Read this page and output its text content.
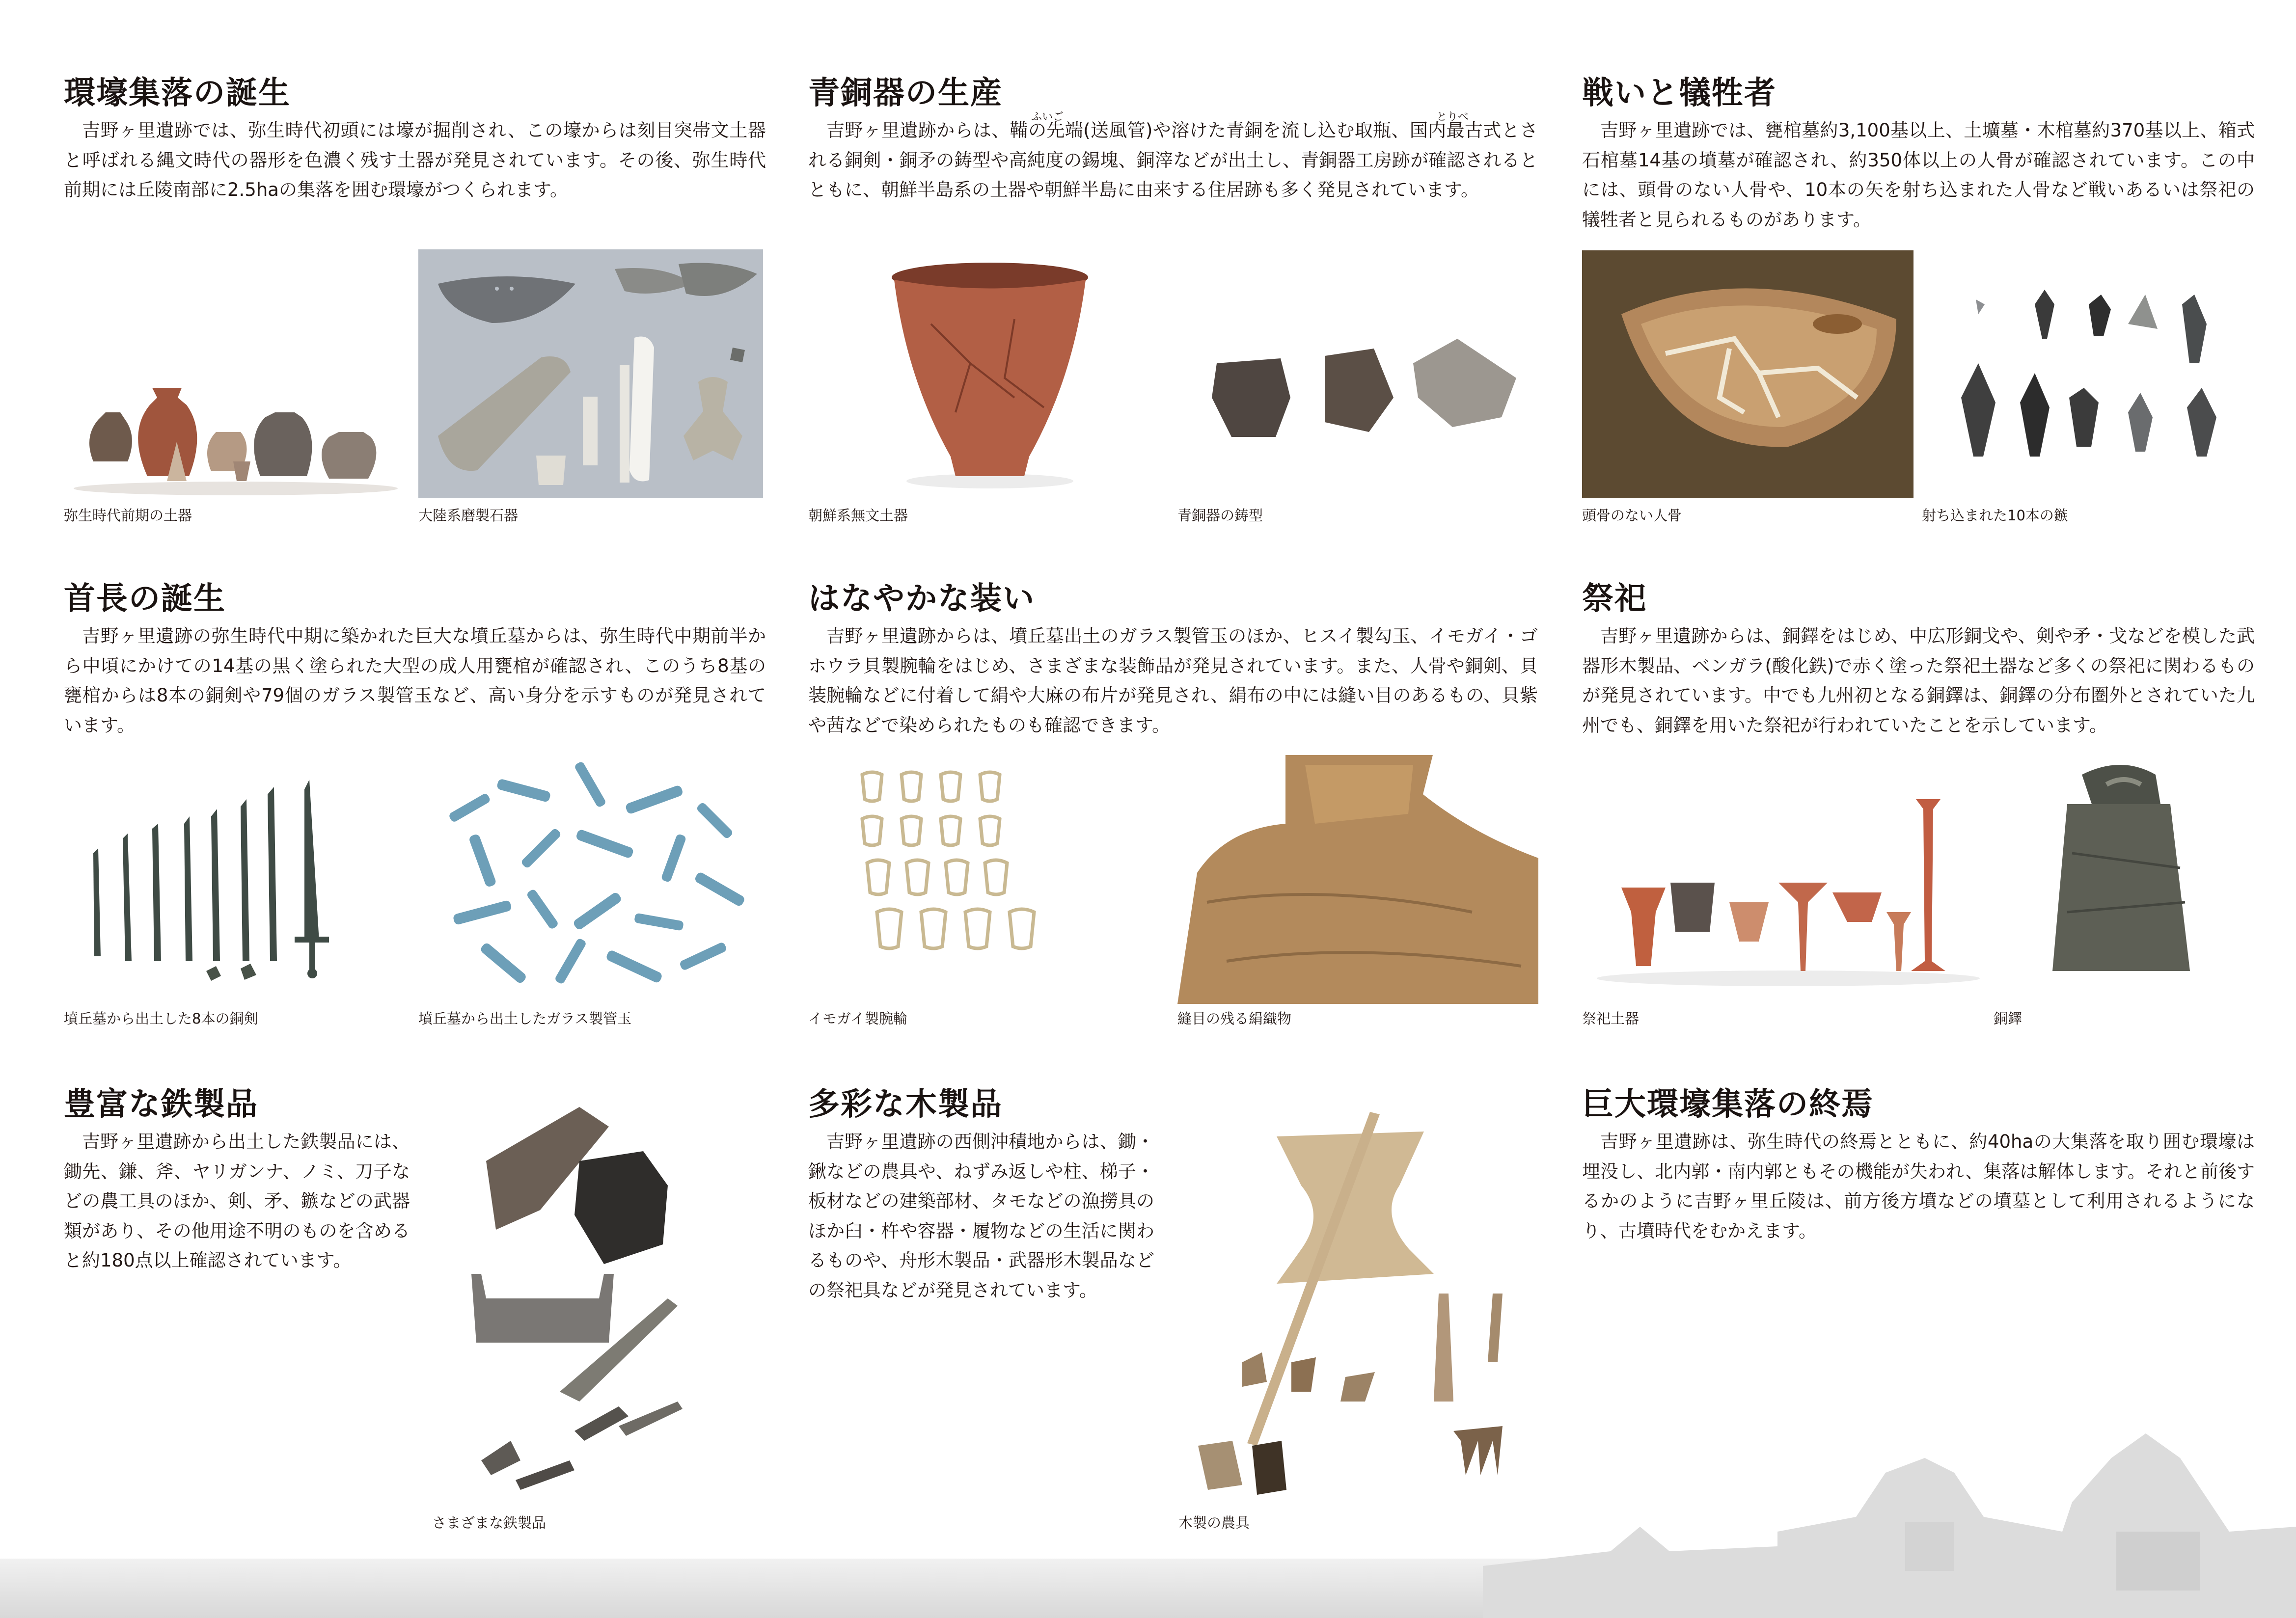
環壕集落の誕生

吉野ヶ里遺跡では、弥生時代初頭には壕が掘削され、この壕からは刻目突帯文土器と呼ばれる縄文時代の器形を色濃く残す土器が発見されています。その後、弥生時代前期には丘陵南部に2.5haの集落を囲む環壕がつくられます。

弥生時代前期の土器	大陸系磨製石器
青銅器の生産
ふいご	とりべ

吉野ヶ里遺跡からは、鞴の先端(送風管)や溶けた青銅を流し込む取瓶、国内最古式とされる銅剣・銅矛の鋳型や高純度の錫塊、銅滓などが出土し、青銅器工房跡が確認されるとともに、朝鮮半島系の土器や朝鮮半島に由来する住居跡も多く発見されています。

朝鮮系無文土器	青銅器の鋳型
戦いと犠牲者

吉野ヶ里遺跡では、甕棺墓約3,100基以上、土壙墓・木棺墓約370基以上、箱式石棺墓14基の墳墓が確認され、約350体以上の人骨が確認されています。この中には、頭骨のない人骨や、10本の矢を射ち込まれた人骨など戦いあるいは祭祀の犠牲者と見られるものがあります。

頭骨のない人骨	射ち込まれた10本の鏃
首長の誕生

吉野ヶ里遺跡の弥生時代中期に築かれた巨大な墳丘墓からは、弥生時代中期前半から中頃にかけての14基の黒く塗られた大型の成人用甕棺が確認され、このうち8基の甕棺からは8本の銅剣や79個のガラス製管玉など、高い身分を示すものが発見されています。

墳丘墓から出土した8本の銅剣	墳丘墓から出土したガラス製管玉
はなやかな装い

吉野ヶ里遺跡からは、墳丘墓出土のガラス製管玉のほか、ヒスイ製勾玉、イモガイ・ゴホウラ貝製腕輪をはじめ、さまざまな装飾品が発見されています。また、人骨や銅剣、貝装腕輪などに付着して絹や大麻の布片が発見され、絹布の中には縫い目のあるもの、貝紫や茜などで染められたものも確認できます。

イモガイ製腕輪	縫目の残る絹織物
祭祀

吉野ヶ里遺跡からは、銅鐸をはじめ、中広形銅戈や、剣や矛・戈などを模した武器形木製品、ベンガラ(酸化鉄)で赤く塗った祭祀土器など多くの祭祀に関わるものが発見されています。中でも九州初となる銅鐸は、銅鐸の分布圏外とされていた九州でも、銅鐸を用いた祭祀が行われていたことを示しています。

祭祀土器	銅鐸
豊富な鉄製品

吉野ヶ里遺跡から出土した鉄製品には、鋤先、鎌、斧、ヤリガンナ、ノミ、刀子などの農工具のほか、剣、矛、鏃などの武器類があり、その他用途不明のものを含めると約180点以上確認されています。

さまざまな鉄製品
多彩な木製品

吉野ヶ里遺跡の西側沖積地からは、鋤・鍬などの農具や、ねずみ返しや柱、梯子・板材などの建築部材、タモなどの漁撈具のほか臼・杵や容器・履物などの生活に関わるものや、舟形木製品・武器形木製品などの祭祀具などが発見されています。

木製の農具
巨大環壕集落の終焉

吉野ヶ里遺跡は、弥生時代の終焉とともに、約40haの大集落を取り囲む環壕は埋没し、北内郭・南内郭ともその機能が失われ、集落は解体します。それと前後するかのように吉野ヶ里丘陵は、前方後方墳などの墳墓として利用されるようになり、古墳時代をむかえます。
